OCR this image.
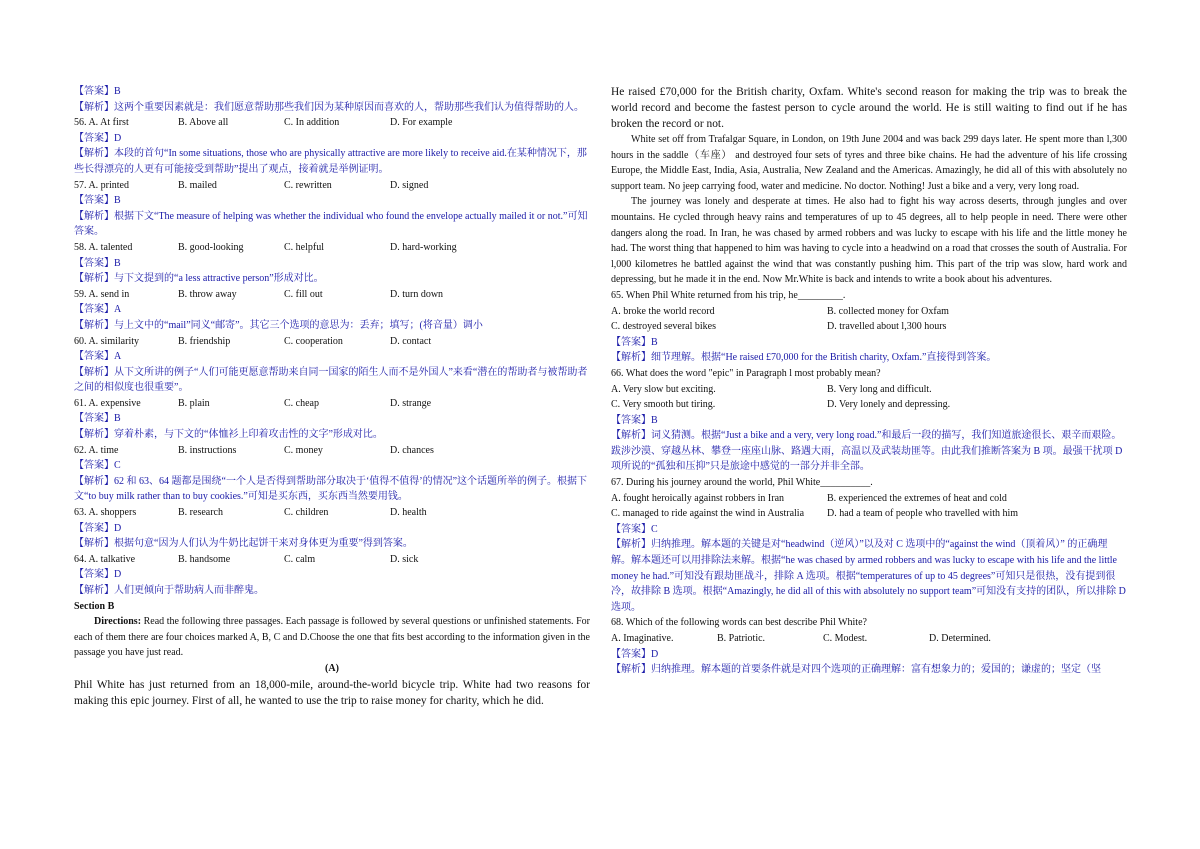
【答案】B
【解析】这两个重要因素就是：我们愿意帮助那些我们因为某种原因而喜欢的人，帮助那些我们认为值得帮助的人。
56. A. At first	B. Above all	C. In addition	D. For example
【答案】D
【解析】本段的首句“In some situations, those who are physically attractive are more likely to receive aid.在某种情况下，那些长得漂亮的人更有可能接受到帮助”提出了观点，接着就是举例证明。
57. A. printed	B. mailed	C. rewritten	D. signed
【答案】B
【解析】根据下文“The measure of helping was whether the individual who found the envelope actually mailed it or not.”可知答案。
58. A. talented	B. good-looking	C. helpful	D. hard-working
【答案】B
【解析】与下文提到的“a less attractive person”形成对比。
59. A. send in	B. throw away	C. fill out	D. turn down
【答案】A
【解析】与上文中的“mail”同义“邮寄”。其它三个选项的意思为：丢弃；填写；(将音量）调小
60. A. similarity	B. friendship	C. cooperation	D. contact
【答案】A
【解析】从下文所讲的例子“人们可能更愿意帮助来自同一国家的陌生人而不是外国人”来看“潜在的帮助者与被帮助者之间的相似度也很重要”。
61. A. expensive	B. plain	C. cheap	D. strange
【答案】B
【解析】穿着朴素，与下文的“体恤衫上印着攻击性的文字”形成对比。
62. A. time	B. instructions	C. money	D. chances
【答案】C
【解析】62 和 63、64 题都是围绕“一个人是否得到帮助部分取决于‘值得不值得’的情况”这个话题所举的例子。根据下文“to buy milk rather than to buy cookies.”可知是买东西，买东西当然要用钱。
63. A. shoppers	B. research	C. children	D. health
【答案】D
【解析】根据句意“因为人们认为牛奶比起饼干来对身体更为重要”得到答案。
64. A. talkative	B. handsome	C. calm	D. sick
【答案】D
【解析】人们更倾向于帮助病人而非醉鬼。
Section B
Directions: Read the following three passages. Each passage is followed by several questions or unfinished statements. For each of them there are four choices marked A, B, C and D.Choose the one that fits best according to the information given in the passage you have just read.
(A)
Phil White has just returned from an 18,000-mile, around-the-world bicycle trip. White had two reasons for making this epic journey. First of all, he wanted to use the trip to raise money for charity, which he did.
He raised £70,000 for the British charity, Oxfam. White's second reason for making the trip was to break the world record and become the fastest person to cycle around the world. He is still waiting to find out if he has broken the record or not.
White set off from Trafalgar Square, in London, on 19th June 2004 and was back 299 days later. He spent more than l,300 hours in the saddle（车座） and destroyed four sets of tyres and three bike chains. He had the adventure of his life crossing Europe, the Middle East, India, Asia, Australia, New Zealand and the Americas. Amazingly, he did all of this with absolutely no support team. No jeep carrying food, water and medicine. No doctor. Nothing! Just a bike and a very, very long road.
The journey was lonely and desperate at times. He also had to fight his way across deserts, through jungles and over mountains. He cycled through heavy rains and temperatures of up to 45 degrees, all to help people in need. There were other dangers along the road. In Iran, he was chased by armed robbers and was lucky to escape with his life and the little money he had. The worst thing that happened to him was having to cycle into a headwind on a road that crosses the south of Australia. For l,000 kilometres he battled against the wind that was constantly pushing him. This part of the trip was slow, hard work and depressing, but he made it in the end. Now Mr.White is back and intends to write a book about his adventures.
65. When Phil White returned from his trip, he_________.
A. broke the world record	B. collected money for Oxfam
C. destroyed several bikes	D. travelled about l,300 hours
【答案】B
【解析】细节理解。根据“He raised £70,000 for the British charity, Oxfam.”直接得到答案。
66. What does the word "epic" in Paragraph l most probably mean?
A. Very slow but exciting.	B. Very long and difficult.
C. Very smooth but tiring.	D. Very lonely and depressing.
【答案】B
【解析】词义猜测。根据“Just a bike and a very, very long road.”和最后一段的描写，我们知道旅途很长、艰辛而艰险。跋涉沙漠、穿越丛林、攀登一座座山脉、路遇大雨，高温以及武装劫匪等。由此我们推断答案为 B 项。最强干扰项 D 项所说的“孤独和压抑”只是旅途中感觉的一部分并非全部。
67. During his journey around the world, Phil White__________.
A. fought heroically against robbers in Iran	B. experienced the extremes of heat and cold
C. managed to ride against the wind in Australia	D. had a team of people who travelled with him
【答案】C
【解析】归纳推理。解本题的关键是对“headwind（逆风）”以及对 C 选项中的“against the wind（顶着风）” 的正确理解。解本题还可以用排除法来解。根据“he was chased by armed robbers and was lucky to escape with his life and the little money he had.”可知没有跟劫匪战斗，排除 A 选项。根据“temperatures of up to 45 degrees”可知只是很热，没有提到很冷，故排除 B 选项。根据“Amazingly, he did all of this with absolutely no support team”可知没有支持的团队，所以排除 D 选项。
68. Which of the following words can best describe Phil White?
A. Imaginative.	B. Patriotic.	C. Modest.	D. Determined.
【答案】D
【解析】归纳推理。解本题的首要条件就是对四个选项的正确理解：富有想象力的；爱国的；谦虚的；坚定（坚
